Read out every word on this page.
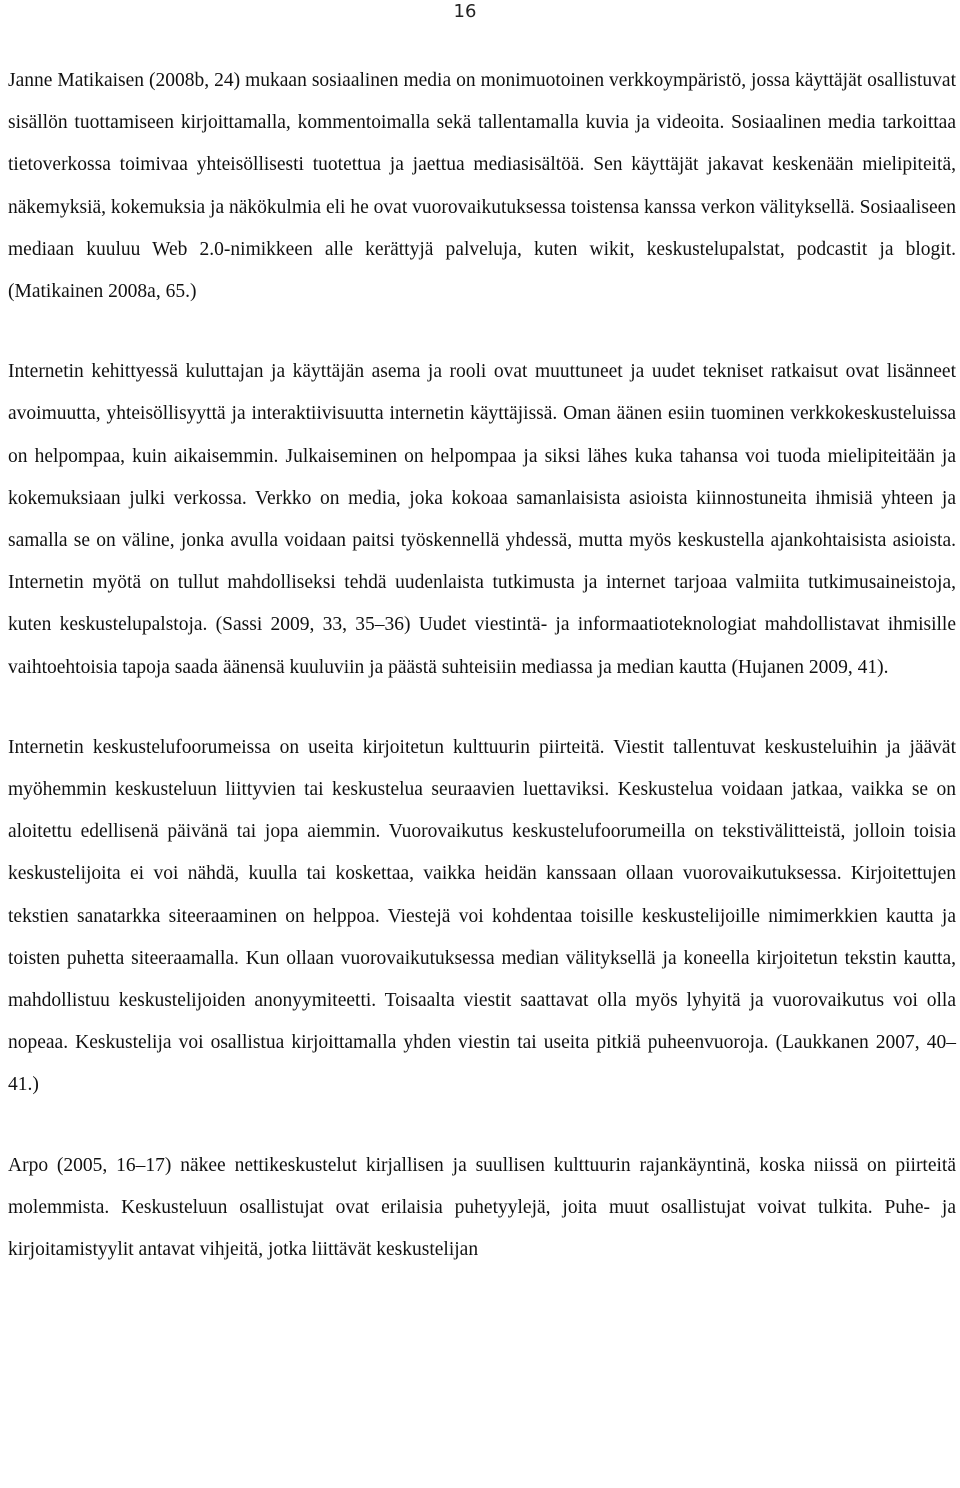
16

Janne Matikaisen (2008b, 24) mukaan sosiaalinen media on monimuotoinen verkkoympäristö, jossa käyttäjät osallistuvat sisällön tuottamiseen kirjoittamalla, kommentoimalla sekä tallentamalla kuvia ja videoita. Sosiaalinen media tarkoittaa tietoverkossa toimivaa yhteisöllisesti tuotettua ja jaettua mediasisältöä. Sen käyttäjät jakavat keskenään mielipiteitä, näkemyksiä, kokemuksia ja näkökulmia eli he ovat vuorovaikutuksessa toistensa kanssa verkon välityksellä. Sosiaaliseen mediaan kuuluu Web 2.0-nimikkeen alle kerättyjä palveluja, kuten wikit, keskustelupalstat, podcastit ja blogit. (Matikainen 2008a, 65.)

Internetin kehittyessä kuluttajan ja käyttäjän asema ja rooli ovat muuttuneet ja uudet tekniset ratkaisut ovat lisänneet avoimuutta, yhteisöllisyyttä ja interaktiivisuutta internetin käyttäjissä. Oman äänen esiin tuominen verkkokeskusteluissa on helpompaa, kuin aikaisemmin. Julkaiseminen on helpompaa ja siksi lähes kuka tahansa voi tuoda mielipiteitään ja kokemuksiaan julki verkossa. Verkko on media, joka kokoaa samanlaisista asioista kiinnostuneita ihmisiä yhteen ja samalla se on väline, jonka avulla voidaan paitsi työskennellä yhdessä, mutta myös keskustella ajankohtaisista asioista. Internetin myötä on tullut mahdolliseksi tehdä uudenlaista tutkimusta ja internet tarjoaa valmiita tutkimusaineistoja, kuten keskustelupalstoja. (Sassi 2009, 33, 35–36) Uudet viestintä- ja informaatioteknologiat mahdollistavat ihmisille vaihtoehtoisia tapoja saada äänensä kuuluviin ja päästä suhteisiin mediassa ja median kautta (Hujanen 2009, 41).

Internetin keskustelufoorumeissa on useita kirjoitetun kulttuurin piirteitä. Viestit tallentuvat keskusteluihin ja jäävät myöhemmin keskusteluun liittyvien tai keskustelua seuraavien luettaviksi. Keskustelua voidaan jatkaa, vaikka se on aloitettu edellisenä päivänä tai jopa aiemmin. Vuorovaikutus keskustelufoorumeilla on tekstivälitteistä, jolloin toisia keskustelijoita ei voi nähdä, kuulla tai koskettaa, vaikka heidän kanssaan ollaan vuorovaikutuksessa. Kirjoitettujen tekstien sanatarkka siteeraaminen on helppoa. Viestejä voi kohdentaa toisille keskustelijoille nimimerkkien kautta ja toisten puhetta siteeraamalla. Kun ollaan vuorovaikutuksessa median välityksellä ja koneella kirjoitetun tekstin kautta, mahdollistuu keskustelijoiden anonyymiteetti. Toisaalta viestit saattavat olla myös lyhyitä ja vuorovaikutus voi olla nopeaa. Keskustelija voi osallistua kirjoittamalla yhden viestin tai useita pitkiä puheenvuoroja. (Laukkanen 2007, 40–41.)

Arpo (2005, 16–17) näkee nettikeskustelut kirjallisen ja suullisen kulttuurin rajankäyntinä, koska niissä on piirteitä molemmista. Keskusteluun osallistujat ovat erilaisia puhetyylejä, joita muut osallistujat voivat tulkita. Puhe- ja kirjoitamistyylit antavat vihjeitä, jotka liittävät keskustelijan
